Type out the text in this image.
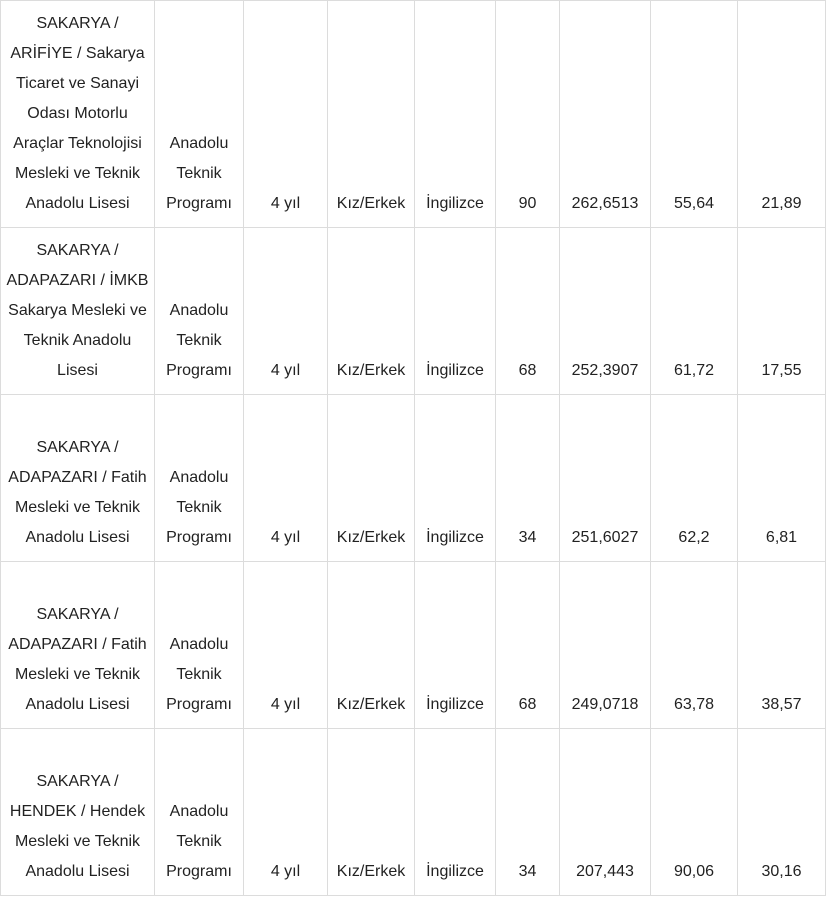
SAKARYA / ARİFİYE / Sakarya Ticaret ve Sanayi Odası Motorlu Araçlar Teknolojisi Mesleki ve Teknik Anadolu Lisesi	Anadolu Teknik Programı	4 yıl	Kız/Erkek	İngilizce	90	262,6513	55,64	21,89
SAKARYA / ADAPAZARI / İMKB Sakarya Mesleki ve Teknik Anadolu Lisesi	Anadolu Teknik Programı	4 yıl	Kız/Erkek	İngilizce	68	252,3907	61,72	17,55
SAKARYA / ADAPAZARI / Fatih Mesleki ve Teknik Anadolu Lisesi	Anadolu Teknik Programı	4 yıl	Kız/Erkek	İngilizce	34	251,6027	62,2	6,81
SAKARYA / ADAPAZARI / Fatih Mesleki ve Teknik Anadolu Lisesi	Anadolu Teknik Programı	4 yıl	Kız/Erkek	İngilizce	68	249,0718	63,78	38,57
SAKARYA / HENDEK / Hendek Mesleki ve Teknik Anadolu Lisesi	Anadolu Teknik Programı	4 yıl	Kız/Erkek	İngilizce	34	207,443	90,06	30,16
